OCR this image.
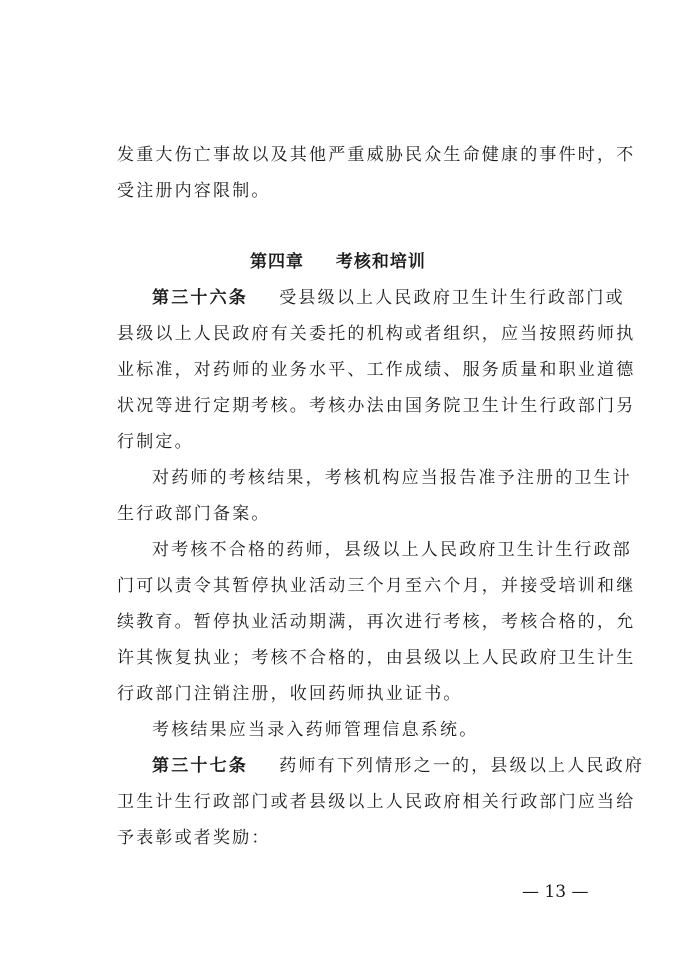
发重大伤亡事故以及其他严重威胁民众生命健康的事件时，不
受注册内容限制。
第四章 考核和培训
第三十六条 受县级以上人民政府卫生计生行政部门或
县级以上人民政府有关委托的机构或者组织，应当按照药师执
业标准，对药师的业务水平、工作成绩、服务质量和职业道德
状况等进行定期考核。考核办法由国务院卫生计生行政部门另
行制定。
对药师的考核结果，考核机构应当报告准予注册的卫生计
生行政部门备案。
对考核不合格的药师，县级以上人民政府卫生计生行政部
门可以责令其暂停执业活动三个月至六个月，并接受培训和继
续教育。暂停执业活动期满，再次进行考核，考核合格的，允
许其恢复执业；考核不合格的，由县级以上人民政府卫生计生
行政部门注销注册，收回药师执业证书。
考核结果应当录入药师管理信息系统。
第三十七条 药师有下列情形之一的，县级以上人民政府
卫生计生行政部门或者县级以上人民政府相关行政部门应当给
予表彰或者奖励：
— 13 —
